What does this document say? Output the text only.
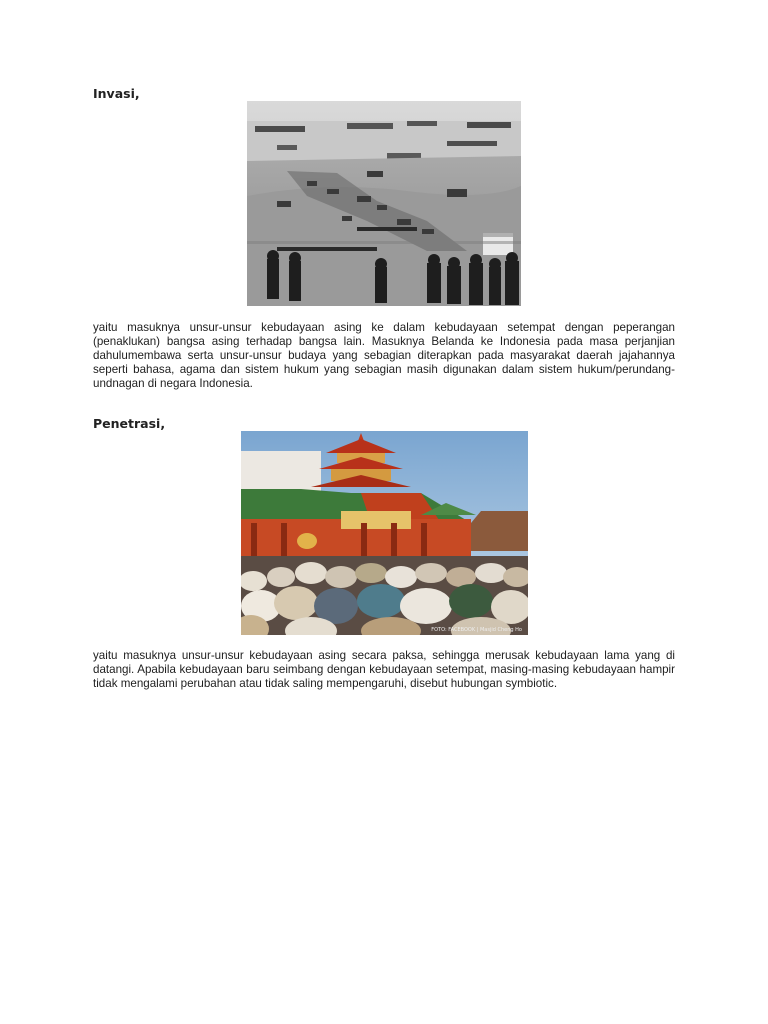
Invasi,

yaitu masuknya unsur-unsur kebudayaan asing ke dalam kebudayaan setempat dengan peperangan (penaklukan) bangsa asing terhadap bangsa lain. Masuknya Belanda ke Indonesia pada masa perjanjian dahulumembawa serta unsur-unsur budaya yang sebagian diterapkan pada masyarakat daerah jajahannya seperti bahasa, agama dan sistem hukum yang sebagian masih digunakan dalam sistem hukum/perundang-undnagan di negara Indonesia.

Penetrasi,
FOTO: FACEBOOK | Masjid Cheng Ho

yaitu masuknya unsur-unsur kebudayaan asing secara paksa, sehingga merusak kebudayaan lama yang di datangi. Apabila kebudayaan baru seimbang dengan kebudayaan setempat, masing-masing kebudayaan hampir tidak mengalami perubahan atau tidak saling mempengaruhi, disebut hubungan symbiotic.
